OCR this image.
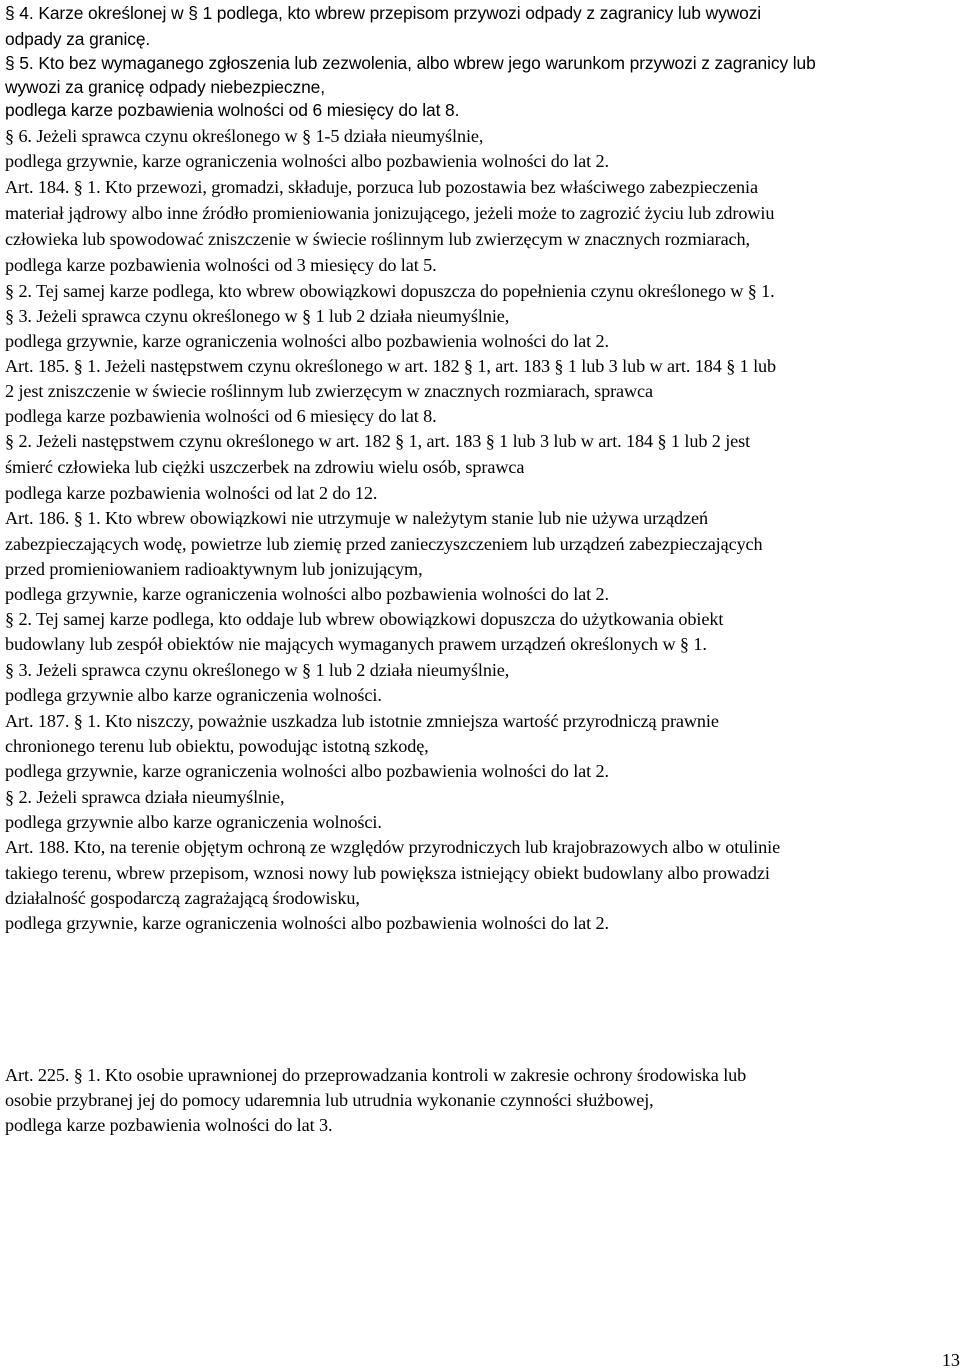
§ 4. Karze określonej w § 1 podlega, kto wbrew przepisom przywozi odpady z zagranicy lub wywozi
odpady za granicę.
§ 5. Kto bez wymaganego zgłoszenia lub zezwolenia, albo wbrew jego warunkom przywozi z zagranicy lub
wywozi za granicę odpady niebezpieczne,
podlega karze pozbawienia wolności od 6 miesięcy do lat 8.
§ 6. Jeżeli sprawca czynu określonego w § 1-5 działa nieumyślnie,
podlega grzywnie, karze ograniczenia wolności albo pozbawienia wolności do lat 2.
Art. 184. § 1. Kto przewozi, gromadzi, składuje, porzuca lub pozostawia bez właściwego zabezpieczenia
materiał jądrowy albo inne źródło promieniowania jonizującego, jeżeli może to zagrozić życiu lub zdrowiu
człowieka lub spowodować zniszczenie w świecie roślinnym lub zwierzęcym w znacznych rozmiarach,
podlega karze pozbawienia wolności od 3 miesięcy do lat 5.
§ 2. Tej samej karze podlega, kto wbrew obowiązkowi dopuszcza do popełnienia czynu określonego w § 1.
§ 3. Jeżeli sprawca czynu określonego w § 1 lub 2 działa nieumyślnie,
podlega grzywnie, karze ograniczenia wolności albo pozbawienia wolności do lat 2.
Art. 185. § 1. Jeżeli następstwem czynu określonego w art. 182 § 1, art. 183 § 1 lub 3 lub w art. 184 § 1 lub
2 jest zniszczenie w świecie roślinnym lub zwierzęcym w znacznych rozmiarach, sprawca
podlega karze pozbawienia wolności od 6 miesięcy do lat 8.
§ 2. Jeżeli następstwem czynu określonego w art. 182 § 1, art. 183 § 1 lub 3 lub w art. 184 § 1 lub 2 jest
śmierć człowieka lub ciężki uszczerbek na zdrowiu wielu osób, sprawca
podlega karze pozbawienia wolności od lat 2 do 12.
Art. 186. § 1. Kto wbrew obowiązkowi nie utrzymuje w należytym stanie lub nie używa urządzeń
zabezpieczających wodę, powietrze lub ziemię przed zanieczyszczeniem lub urządzeń zabezpieczających
przed promieniowaniem radioaktywnym lub jonizującym,
podlega grzywnie, karze ograniczenia wolności albo pozbawienia wolności do lat 2.
§ 2. Tej samej karze podlega, kto oddaje lub wbrew obowiązkowi dopuszcza do użytkowania obiekt
budowlany lub zespół obiektów nie mających wymaganych prawem urządzeń określonych w § 1.
§ 3. Jeżeli sprawca czynu określonego w § 1 lub 2 działa nieumyślnie,
podlega grzywnie albo karze ograniczenia wolności.
Art. 187. § 1. Kto niszczy, poważnie uszkadza lub istotnie zmniejsza wartość przyrodniczą prawnie
chronionego terenu lub obiektu, powodując istotną szkodę,
podlega grzywnie, karze ograniczenia wolności albo pozbawienia wolności do lat 2.
§ 2. Jeżeli sprawca działa nieumyślnie,
podlega grzywnie albo karze ograniczenia wolności.
Art. 188. Kto, na terenie objętym ochroną ze względów przyrodniczych lub krajobrazowych albo w otulinie
takiego terenu, wbrew przepisom, wznosi nowy lub powiększa istniejący obiekt budowlany albo prowadzi
działalność gospodarczą zagrażającą środowisku,
podlega grzywnie, karze ograniczenia wolności albo pozbawienia wolności do lat 2.
Art. 225. § 1. Kto osobie uprawnionej do przeprowadzania kontroli w zakresie ochrony środowiska lub
osobie przybranej jej do pomocy udaremnia lub utrudnia wykonanie czynności służbowej,
podlega karze pozbawienia wolności do lat 3.
13
